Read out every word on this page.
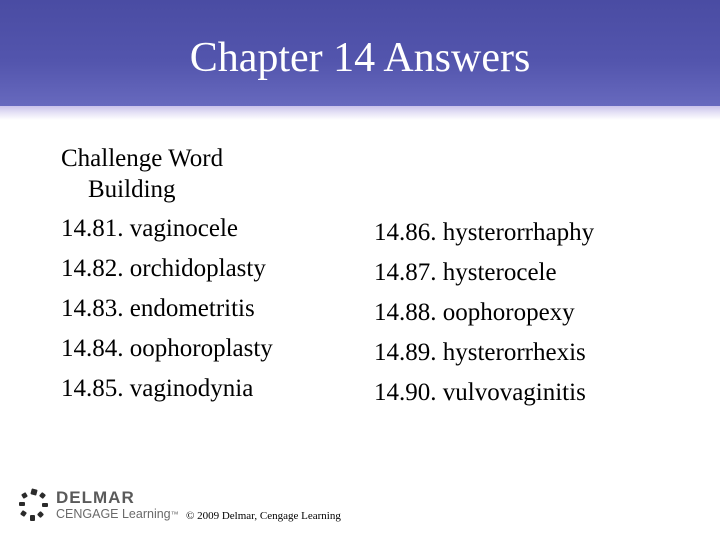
Chapter 14 Answers
Challenge Word
Building
14.81. vaginocele
14.82. orchidoplasty
14.83. endometritis
14.84. oophoroplasty
14.85. vaginodynia
14.86. hysterorrhaphy
14.87. hysterocele
14.88. oophoropexy
14.89. hysterorrhexis
14.90. vulvovaginitis
DELMAR
CENGAGE Learning™ © 2009 Delmar, Cengage Learning
